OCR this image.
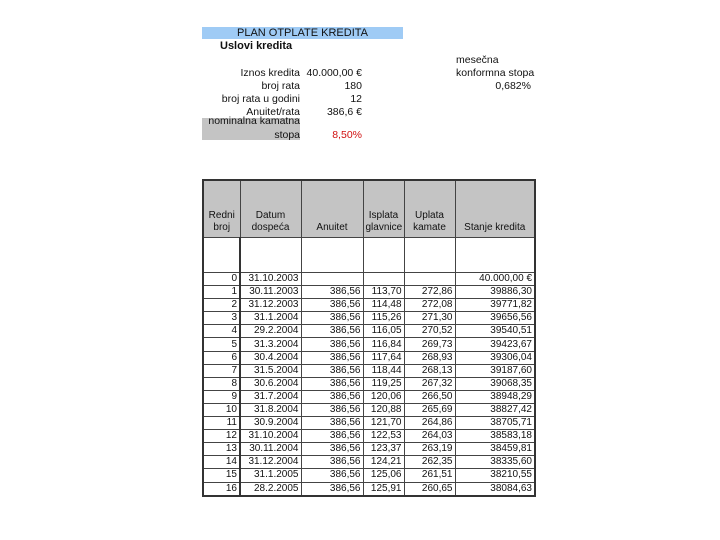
PLAN OTPLATE KREDITA
Uslovi kredita
Iznos kredita 40.000,00 €
broj rata	180
broj rata u godini	12
Anuitet/rata	386,6 €
nominalna kamatna
stopa	8,50%
mesečna
konformna stopa
0,682%
Redni broj	Datum dospeća	Anuitet	Isplata glavnice	Uplata kamate	Stanje kredita

0	31.10.2003				40.000,00 €
1	30.11.2003	386,56	113,70	272,86	39886,30
2	31.12.2003	386,56	114,48	272,08	39771,82
3	31.1.2004	386,56	115,26	271,30	39656,56
4	29.2.2004	386,56	116,05	270,52	39540,51
5	31.3.2004	386,56	116,84	269,73	39423,67
6	30.4.2004	386,56	117,64	268,93	39306,04
7	31.5.2004	386,56	118,44	268,13	39187,60
8	30.6.2004	386,56	119,25	267,32	39068,35
9	31.7.2004	386,56	120,06	266,50	38948,29
10	31.8.2004	386,56	120,88	265,69	38827,42
11	30.9.2004	386,56	121,70	264,86	38705,71
12	31.10.2004	386,56	122,53	264,03	38583,18
13	30.11.2004	386,56	123,37	263,19	38459,81
14	31.12.2004	386,56	124,21	262,35	38335,60
15	31.1.2005	386,56	125,06	261,51	38210,55
16	28.2.2005	386,56	125,91	260,65	38084,63
